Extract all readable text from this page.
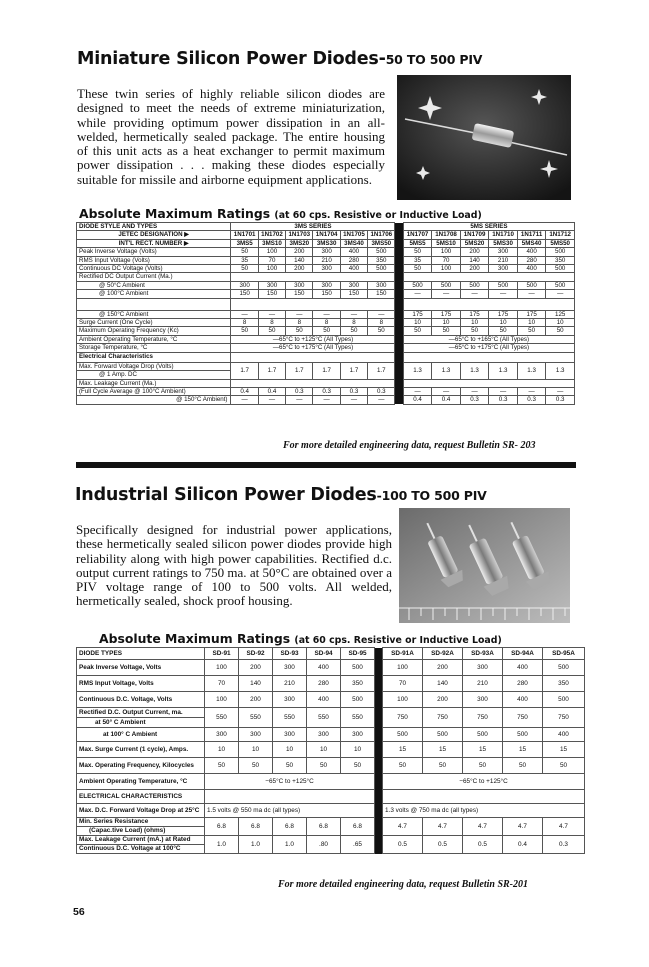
Miniature Silicon Power Diodes-50 TO 500 PIV

These twin series of highly reliable silicon diodes are designed to meet the needs of extreme miniaturization, while providing optimum power dissipation in an all-welded, hermetically sealed package. The entire housing of this unit acts as a heat exchanger to permit maximum power dissipation . . . making these diodes especially suitable for missile and airborne equipment applications.

Absolute Maximum Ratings (at 60 cps. Resistive or Inductive Load)

DIODE STYLE AND TYPES	3MS SERIES							5MS SERIES					
JETEC DESIGNATION ▶	1N1701	1N1702	1N1703	1N1704	1N1705	1N1706		1N1707	1N1708	1N1709	1N1710	1N1711	1N1712
INT'L RECT. NUMBER ▶	3MS5	3MS10	3MS20	3MS30	3MS40	3MS50		5MS5	5MS10	5MS20	5MS30	5MS40	5MS50
Peak Inverse Voltage (Volts)	50	100	200	300	400	500		50	100	200	300	400	500
RMS Input Voltage (Volts)	35	70	140	210	280	350		35	70	140	210	280	350
Continuous DC Voltage (Volts)	50	100	200	300	400	500		50	100	200	300	400	500
Rectified DC Output Current (Ma.)													
@ 50°C Ambient	300	300	300	300	300	300		500	500	500	500	500	500
@ 100°C Ambient	150	150	150	150	150	150		—	—	—	—	—	—

@ 150°C Ambient	—	—	—	—	—	—		175	175	175	175	175	125
Surge Current (One Cycle)	8	8	8	8	8	8		10	10	10	10	10	10
Maximum Operating Frequency (Kc)	50	50	50	50	50	50		50	50	50	50	50	50
Ambient Operating Temperature, °C	—65°C to +125°C (All Types)							—65°C to +165°C (All Types)					
Storage Temperature, °C	—65°C to +175°C (All Types)							—65°C to +175°C (All Types)					
Electrical Characteristics													
Max. Forward Voltage Drop (Volts)	1.7	1.7	1.7	1.7	1.7	1.7		1.3	1.3	1.3	1.3	1.3	1.3
@ 1 Amp. DC													
Max. Leakage Current (Ma.)													
(Full Cycle Average @ 100°C Ambient)	0.4	0.4	0.3	0.3	0.3	0.3		—	—	—	—	—	—
@ 150°C Ambient)	—	—	—	—	—	—		0.4	0.4	0.3	0.3	0.3	0.3

For more detailed engineering data, request Bulletin SR- 203

Industrial Silicon Power Diodes-100 TO 500 PIV

Specifically designed for industrial power applications, these hermetically sealed silicon power diodes provide high reliability along with high power capabilities. Rectified d.c. output current ratings to 750 ma. at 50°C are obtained over a PIV voltage range of 100 to 500 volts. All welded, hermetically sealed, shock proof housing.

Absolute Maximum Ratings (at 60 cps. Resistive or Inductive Load)

DIODE TYPES	SD-91	SD-92	SD-93	SD-94	SD-95		SD-91A	SD-92A	SD-93A	SD-94A	SD-95A
Peak Inverse Voltage, Volts	100	200	300	400	500		100	200	300	400	500
RMS Input Voltage, Volts	70	140	210	280	350		70	140	210	280	350
Continuous D.C. Voltage, Volts	100	200	300	400	500		100	200	300	400	500
Rectified D.C. Output Current, ma.	550	550	550	550	550		750	750	750	750	750
at 50° C Ambient											
at 100° C Ambient	300	300	300	300	300		500	500	500	500	400
Max. Surge Current (1 cycle), Amps.	10	10	10	10	10		15	15	15	15	15
Max. Operating Frequency, Kilocycles	50	50	50	50	50		50	50	50	50	50
Ambient Operating Temperature, °C	−65°C to +125°C						−65°C to +125°C				
ELECTRICAL CHARACTERISTICS											
Max. D.C. Forward Voltage Drop at 25°C	1.5 volts @ 550 ma dc (all types)						1.3 volts @ 750 ma dc (all types)				
Min. Series Resistance	6.8	6.8	6.8	6.8	6.8		4.7	4.7	4.7	4.7	4.7
(Capac.tive Load) (ohms)											
Max. Leakage Current (mA.) at Rated	1.0	1.0	1.0	.80	.65		0.5	0.5	0.5	0.4	0.3
Continuous D.C. Voltage at 100°C											

For more detailed engineering data, request Bulletin SR-201

56
